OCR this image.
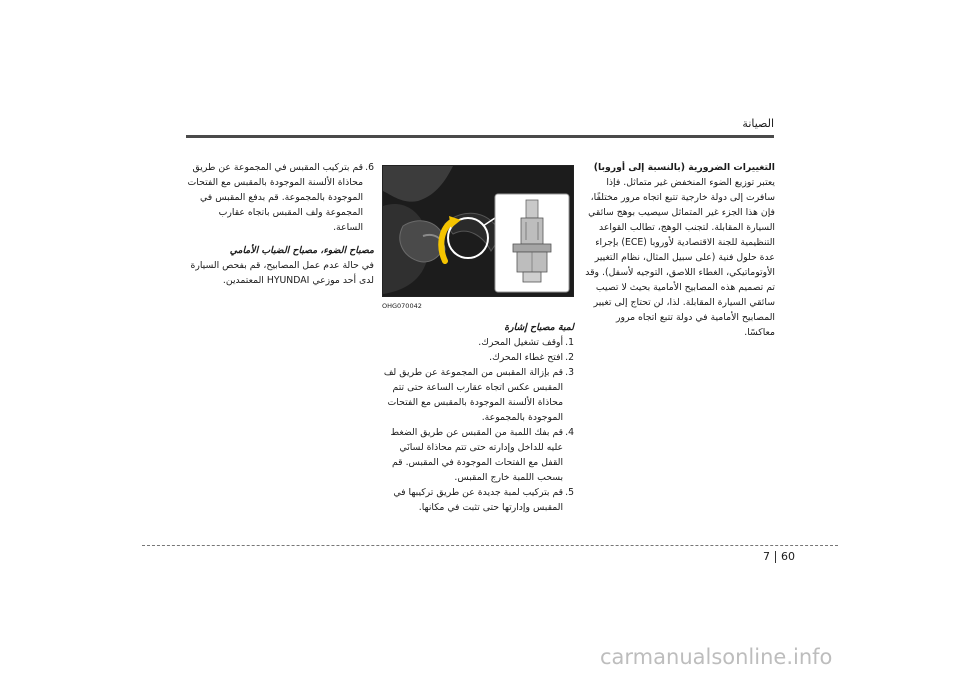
الصيانة

التغييرات الضرورية (بالنسبة إلى أوروبا)

يعتبر توزيع الضوء المنخفض غير متماثل. فإذا سافرت إلى دولة خارجية تتبع اتجاه مرور مختلفًا، فإن هذا الجزء غير المتماثل سيصيب بوهج سائقي السيارة المقابلة. لتجنب الوهج، تطالب القواعد التنظيمية للجنة الاقتصادية لأوروبا (ECE) بإجراء عدة حلول فنية (على سبيل المثال، نظام التغيير الأوتوماتيكي، الغطاء اللاصق، التوجيه لأسفل). وقد تم تصميم هذه المصابيح الأمامية بحيث لا تصيب سائقي السيارة المقابلة. لذا، لن تحتاج إلى تغيير المصابيح الأمامية في دولة تتبع اتجاه مرور معاكسًا.

OHG070042

لمبة مصباح إشارة

1.
أوقف تشغيل المحرك.
2.
افتح غطاء المحرك.
3.
قم بإزالة المقبس من المجموعة عن طريق لف المقبس عكس اتجاه عقارب الساعة حتى تتم محاذاة الألسنة الموجودة بالمقبس مع الفتحات الموجودة بالمجموعة.
4.
قم بفك اللمبة من المقبس عن طريق الضغط عليه للداخل وإدارته حتى تتم محاذاة لسانَي القفل مع الفتحات الموجودة في المقبس. قم بسحب اللمبة خارج المقبس.
5.
قم بتركيب لمبة جديدة عن طريق تركيبها في المقبس وإدارتها حتى تثبت في مكانها.
6.
قم بتركيب المقبس في المجموعة عن طريق محاذاة الألسنة الموجودة بالمقبس مع الفتحات الموجودة بالمجموعة. قم بدفع المقبس في المجموعة ولف المقبس باتجاه عقارب الساعة.

مصباح الضوء، مصباح الضباب الأمامي

في حالة عدم عمل المصابيح، قم بفحص السيارة لدى أحد موزعي HYUNDAI المعتمدين.

7 60
carmanualsonline.info
